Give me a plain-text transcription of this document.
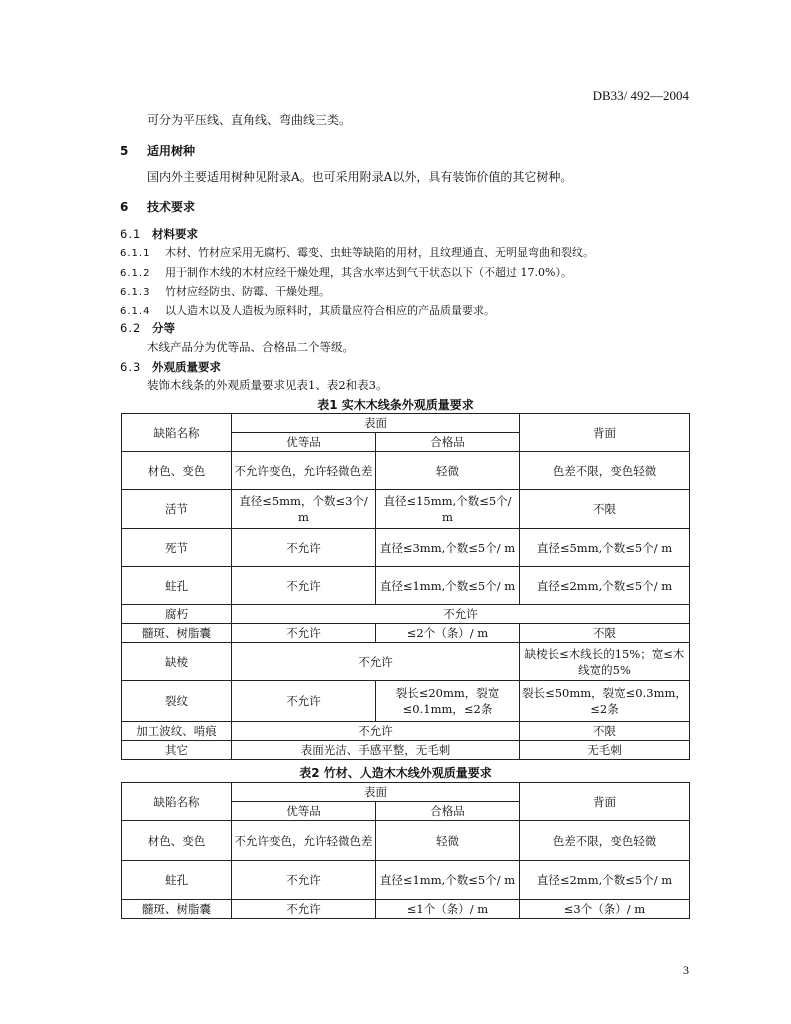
DB33/ 492—2004
可分为平压线、直角线、弯曲线三类。
5 适用树种
国内外主要适用树种见附录A。也可采用附录A以外，具有装饰价值的其它树种。
6 技术要求
6.1 材料要求
6.1.1 木材、竹材应采用无腐朽、霉变、虫蛀等缺陷的用材，且纹理通直、无明显弯曲和裂纹。
6.1.2 用于制作木线的木材应经干燥处理，其含水率达到气干状态以下（不超过 17.0%）。
6.1.3 竹材应经防虫、防霉、干燥处理。
6.1.4 以人造木以及人造板为原料时，其质量应符合相应的产品质量要求。
6.2 分等
木线产品分为优等品、合格品二个等级。
6.3 外观质量要求
装饰木线条的外观质量要求见表1、表2和表3。
表1 实木木线条外观质量要求
缺陷名称	表面		背面
	优等品	合格品	
材色、变色	不允许变色，允许轻微色差	轻微	色差不限，变色轻微
活节	直径≤5mm，个数≤3个/ m	直径≤15mm,个数≤5个/ m	不限
死节	不允许	直径≤3mm,个数≤5个/ m	直径≤5mm,个数≤5个/ m
蛀孔	不允许	直径≤1mm,个数≤5个/ m	直径≤2mm,个数≤5个/ m
腐朽	不允许		
髓斑、树脂囊	不允许	≤2个（条）/ m	不限
缺棱	不允许		缺棱长≤木线长的15%；宽≤木线宽的5%
裂纹	不允许	裂长≤20mm，裂宽≤0.1mm，≤2条	裂长≤50mm，裂宽≤0.3mm，≤2条
加工波纹、啃痕	不允许		不限
其它	表面光洁、手感平整，无毛刺		无毛刺
表2 竹材、人造木木线外观质量要求
缺陷名称	表面		背面
	优等品	合格品	
材色、变色	不允许变色，允许轻微色差	轻微	色差不限，变色轻微
蛀孔	不允许	直径≤1mm,个数≤5个/ m	直径≤2mm,个数≤5个/ m
髓斑、树脂囊	不允许	≤1个（条）/ m	≤3个（条）/ m
3
